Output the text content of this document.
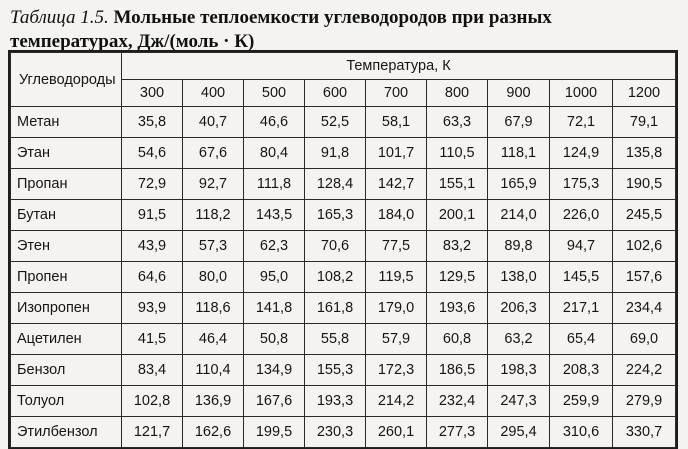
Таблица 1.5. Мольные теплоемкости углеводородов при разных температурах, Дж/(моль · К)
Углеводороды	Температура, К								
	300	400	500	600	700	800	900	1000	1200
Метан	35,8	40,7	46,6	52,5	58,1	63,3	67,9	72,1	79,1
Этан	54,6	67,6	80,4	91,8	101,7	110,5	118,1	124,9	135,8
Пропан	72,9	92,7	111,8	128,4	142,7	155,1	165,9	175,3	190,5
Бутан	91,5	118,2	143,5	165,3	184,0	200,1	214,0	226,0	245,5
Этен	43,9	57,3	62,3	70,6	77,5	83,2	89,8	94,7	102,6
Пропен	64,6	80,0	95,0	108,2	119,5	129,5	138,0	145,5	157,6
Изопропен	93,9	118,6	141,8	161,8	179,0	193,6	206,3	217,1	234,4
Ацетилен	41,5	46,4	50,8	55,8	57,9	60,8	63,2	65,4	69,0
Бензол	83,4	110,4	134,9	155,3	172,3	186,5	198,3	208,3	224,2
Толуол	102,8	136,9	167,6	193,3	214,2	232,4	247,3	259,9	279,9
Этилбензол	121,7	162,6	199,5	230,3	260,1	277,3	295,4	310,6	330,7
